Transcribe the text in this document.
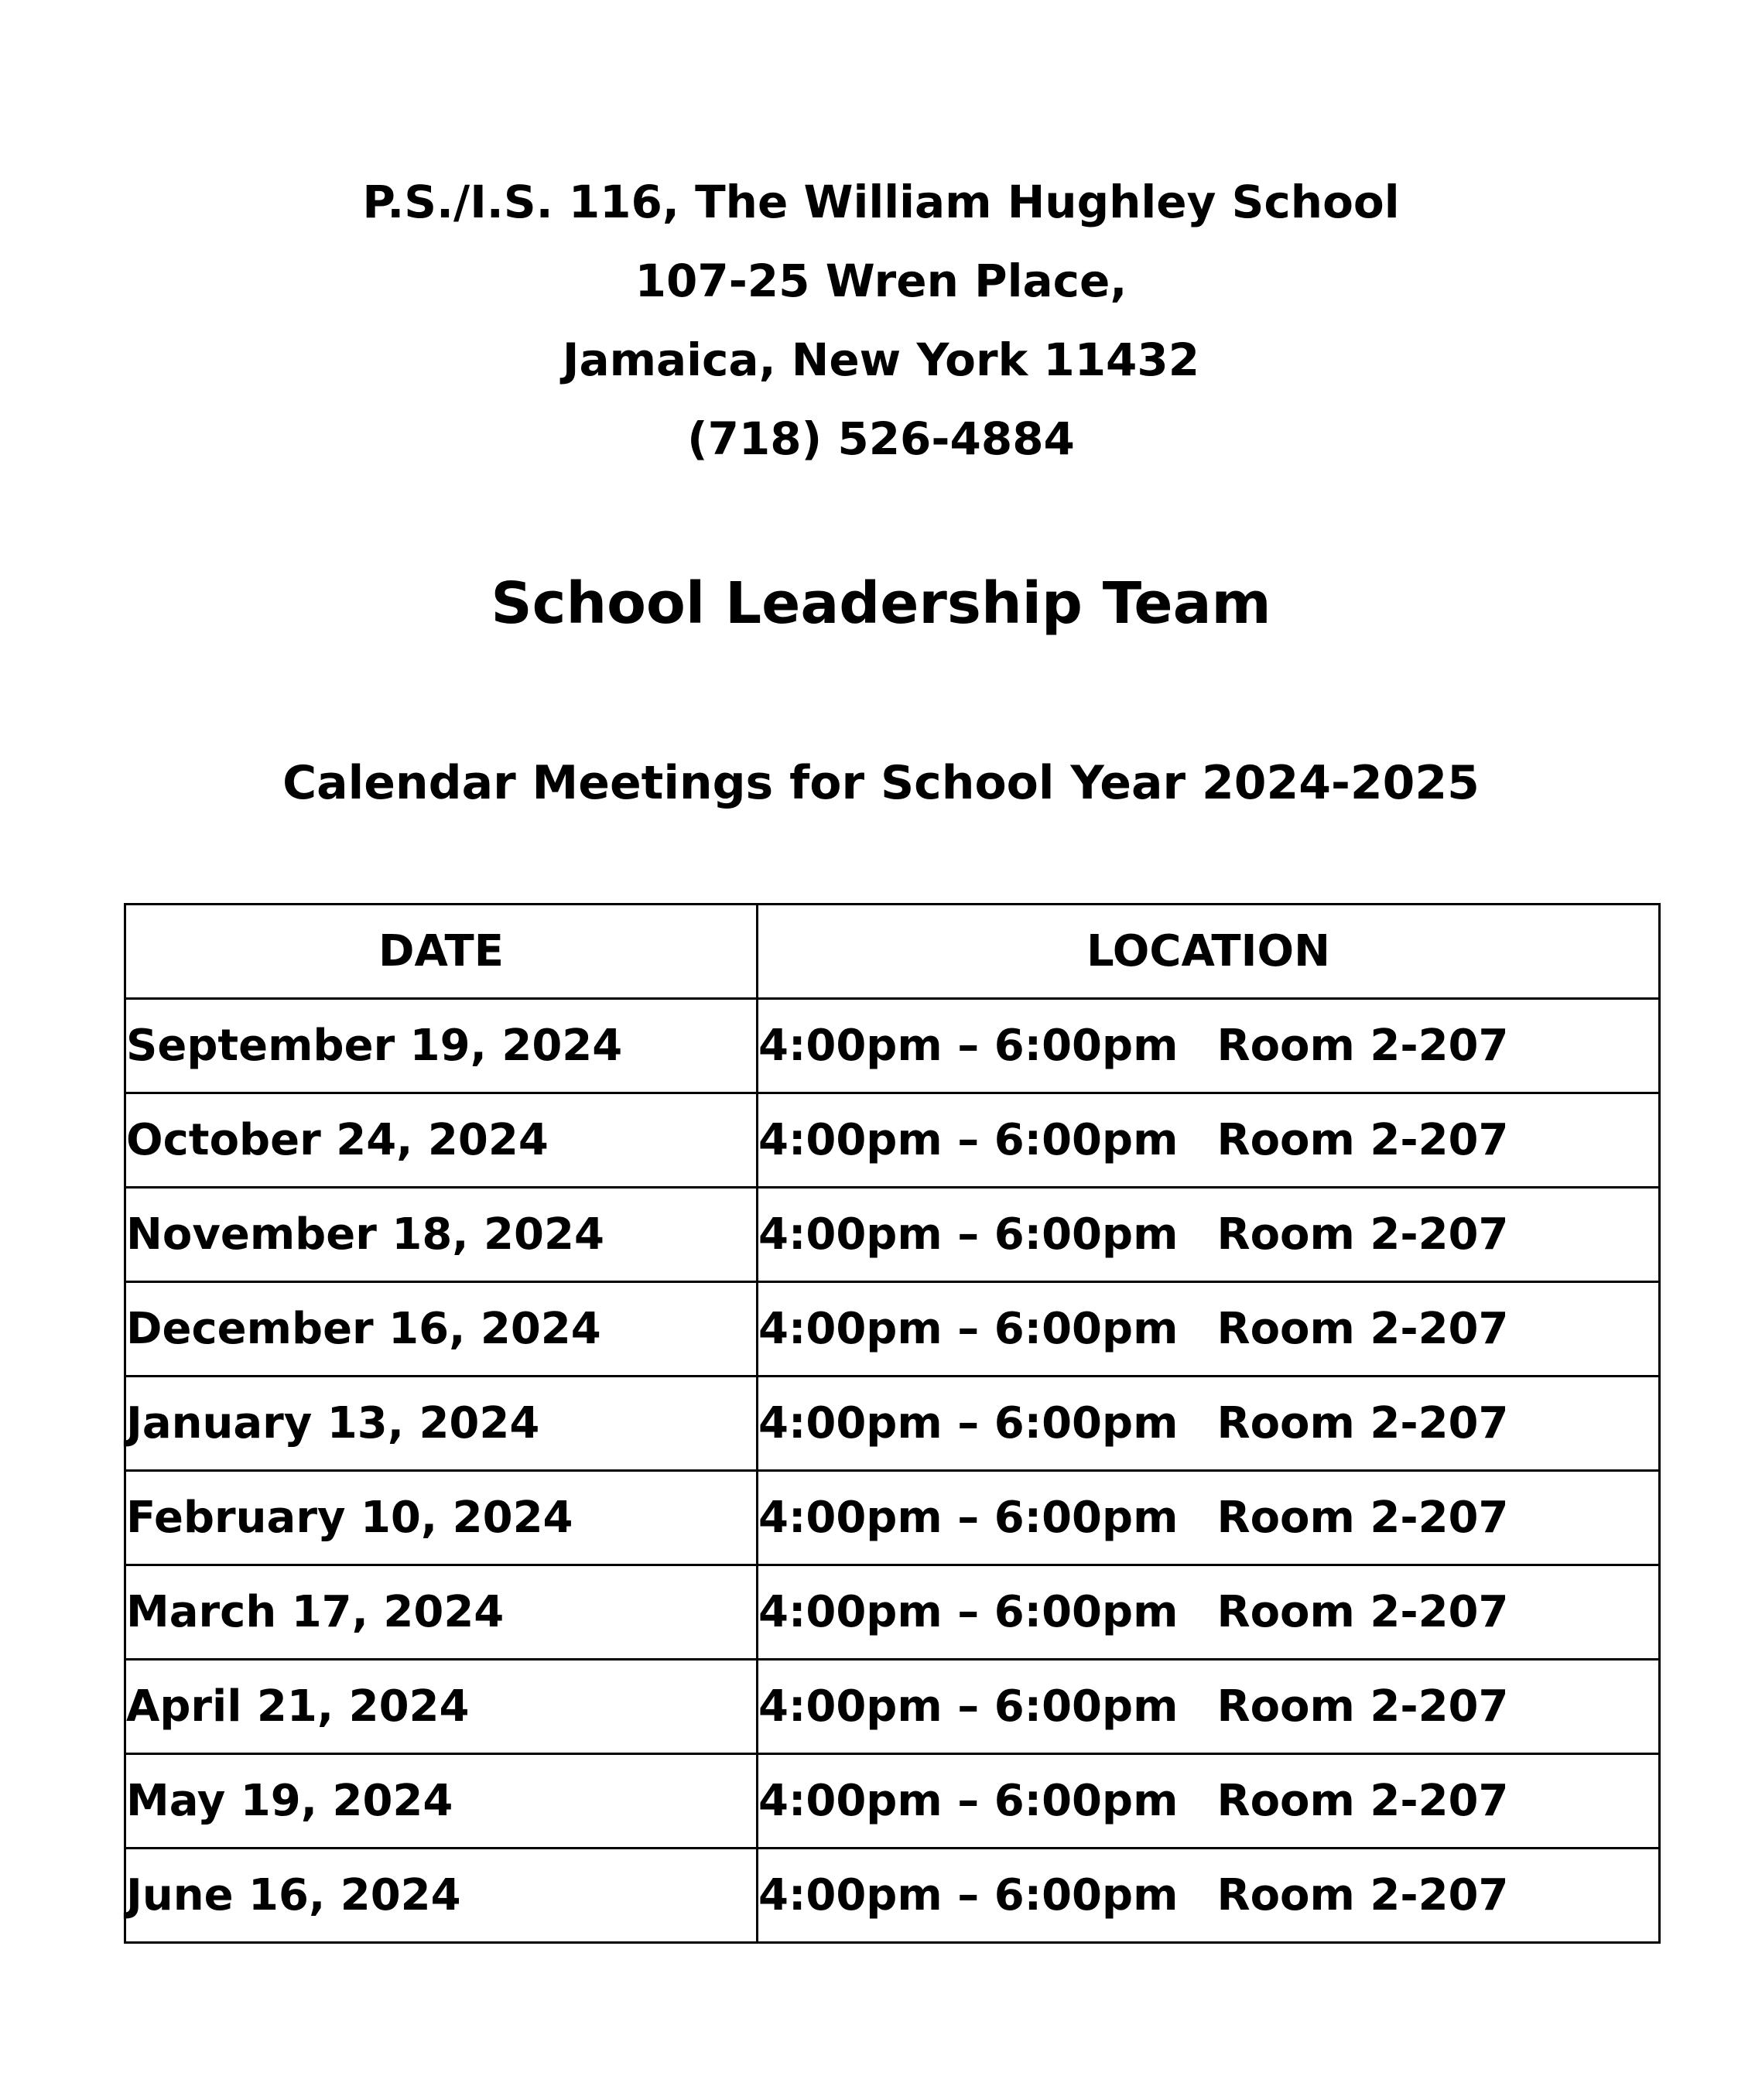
P.S./I.S. 116, The William Hughley School
107-25 Wren Place,
Jamaica, New York 11432
(718) 526-4884
School Leadership Team
Calendar Meetings for School Year 2024-2025
DATE	LOCATION
September 19, 2024	4:00pm – 6:00pm Room 2-207
October 24, 2024	4:00pm – 6:00pm Room 2-207
November 18, 2024	4:00pm – 6:00pm Room 2-207
December 16, 2024	4:00pm – 6:00pm Room 2-207
January 13, 2024	4:00pm – 6:00pm Room 2-207
February 10, 2024	4:00pm – 6:00pm Room 2-207
March 17, 2024	4:00pm – 6:00pm Room 2-207
April 21, 2024	4:00pm – 6:00pm Room 2-207
May 19, 2024	4:00pm – 6:00pm Room 2-207
June 16, 2024	4:00pm – 6:00pm Room 2-207
